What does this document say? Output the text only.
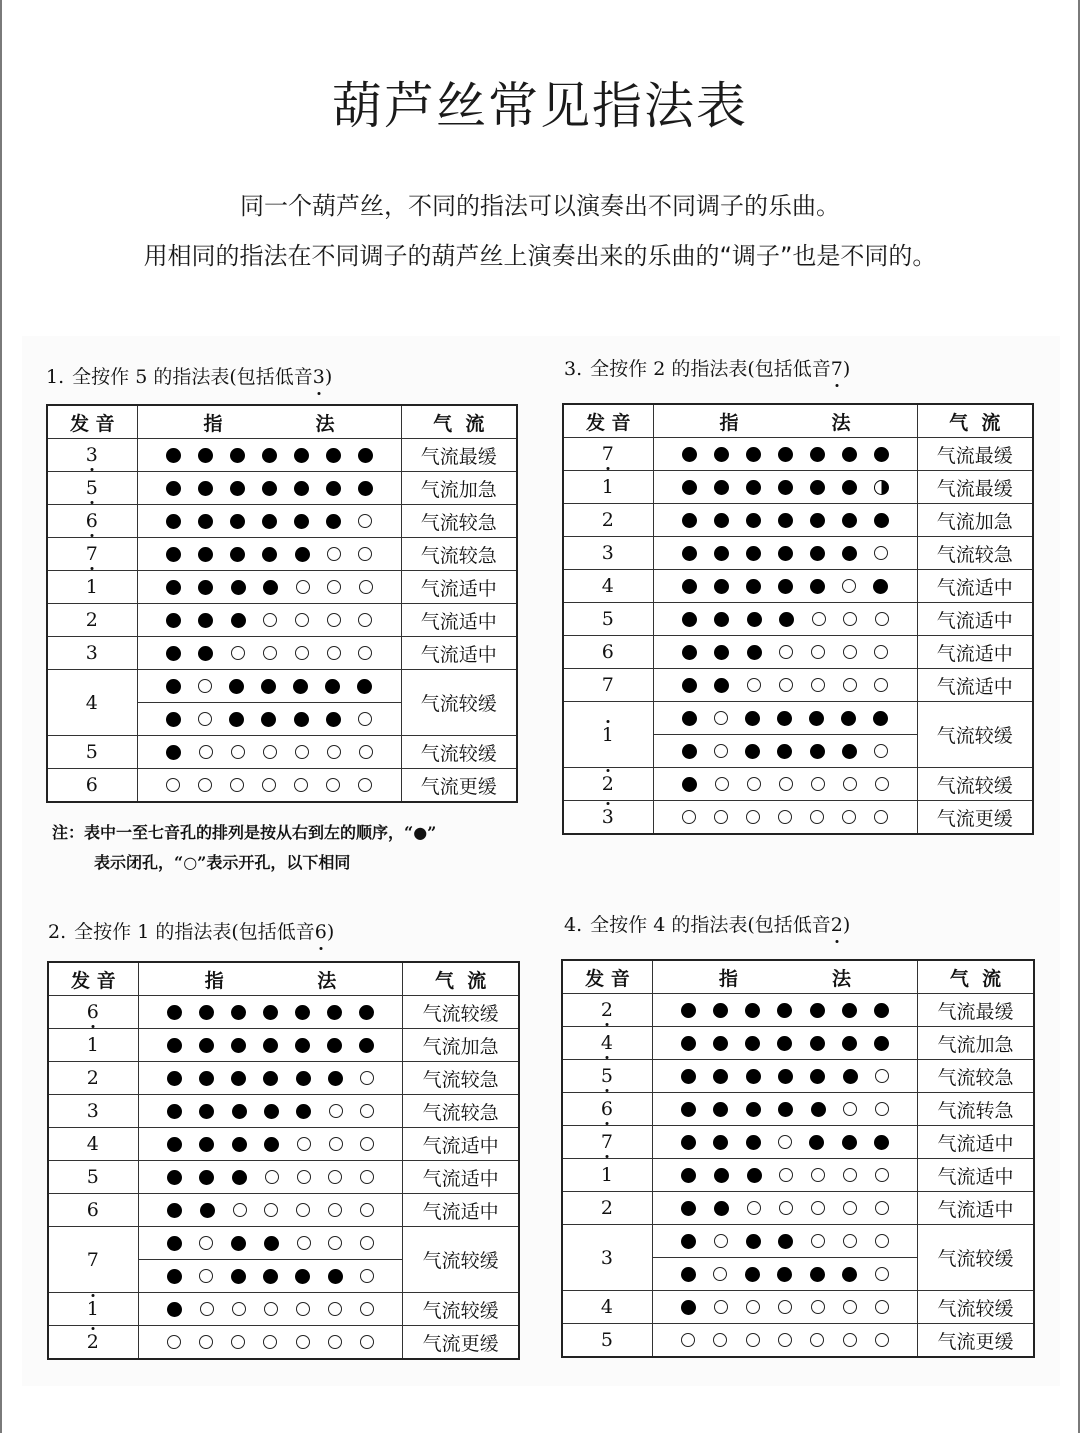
葫芦丝常见指法表
同一个葫芦丝，不同的指法可以演奏出不同调子的乐曲。
用相同的指法在不同调子的葫芦丝上演奏出来的乐曲的“调子”也是不同的。
1. 全按作 5 的指法表(包括低音3
)	3. 全按作 2 的指法表(包括低音7
)
2. 全按作 1 的指法表(包括低音6
)	4. 全按作 4 的指法表(包括低音2
)
发 音	指 法	气  流
3		气流最缓
5		气流加急
6		气流较急
7		气流较急
1		气流适中
2		气流适中
3		气流适中
4		气流较缓

5		气流较缓
6		气流更缓
发 音	指 法	气  流
7		气流最缓
1		气流最缓
2		气流加急
3		气流较急
4		气流适中
5		气流适中
6		气流适中
7		气流适中
1		气流较缓

2		气流较缓
3		气流更缓
发 音	指 法	气  流
6		气流较缓
1		气流加急
2		气流较急
3		气流较急
4		气流适中
5		气流适中
6		气流适中
7		气流较缓

1		气流较缓
2		气流更缓
发 音	指 法	气  流
2		气流最缓
4		气流加急
5		气流较急
6		气流转急
7		气流适中
1		气流适中
2		气流适中
3		气流较缓

4		气流较缓
5		气流更缓
注：表中一至七音孔的排列是按从右到左的顺序，“●”
表示闭孔，“○”表示开孔，以下相同
